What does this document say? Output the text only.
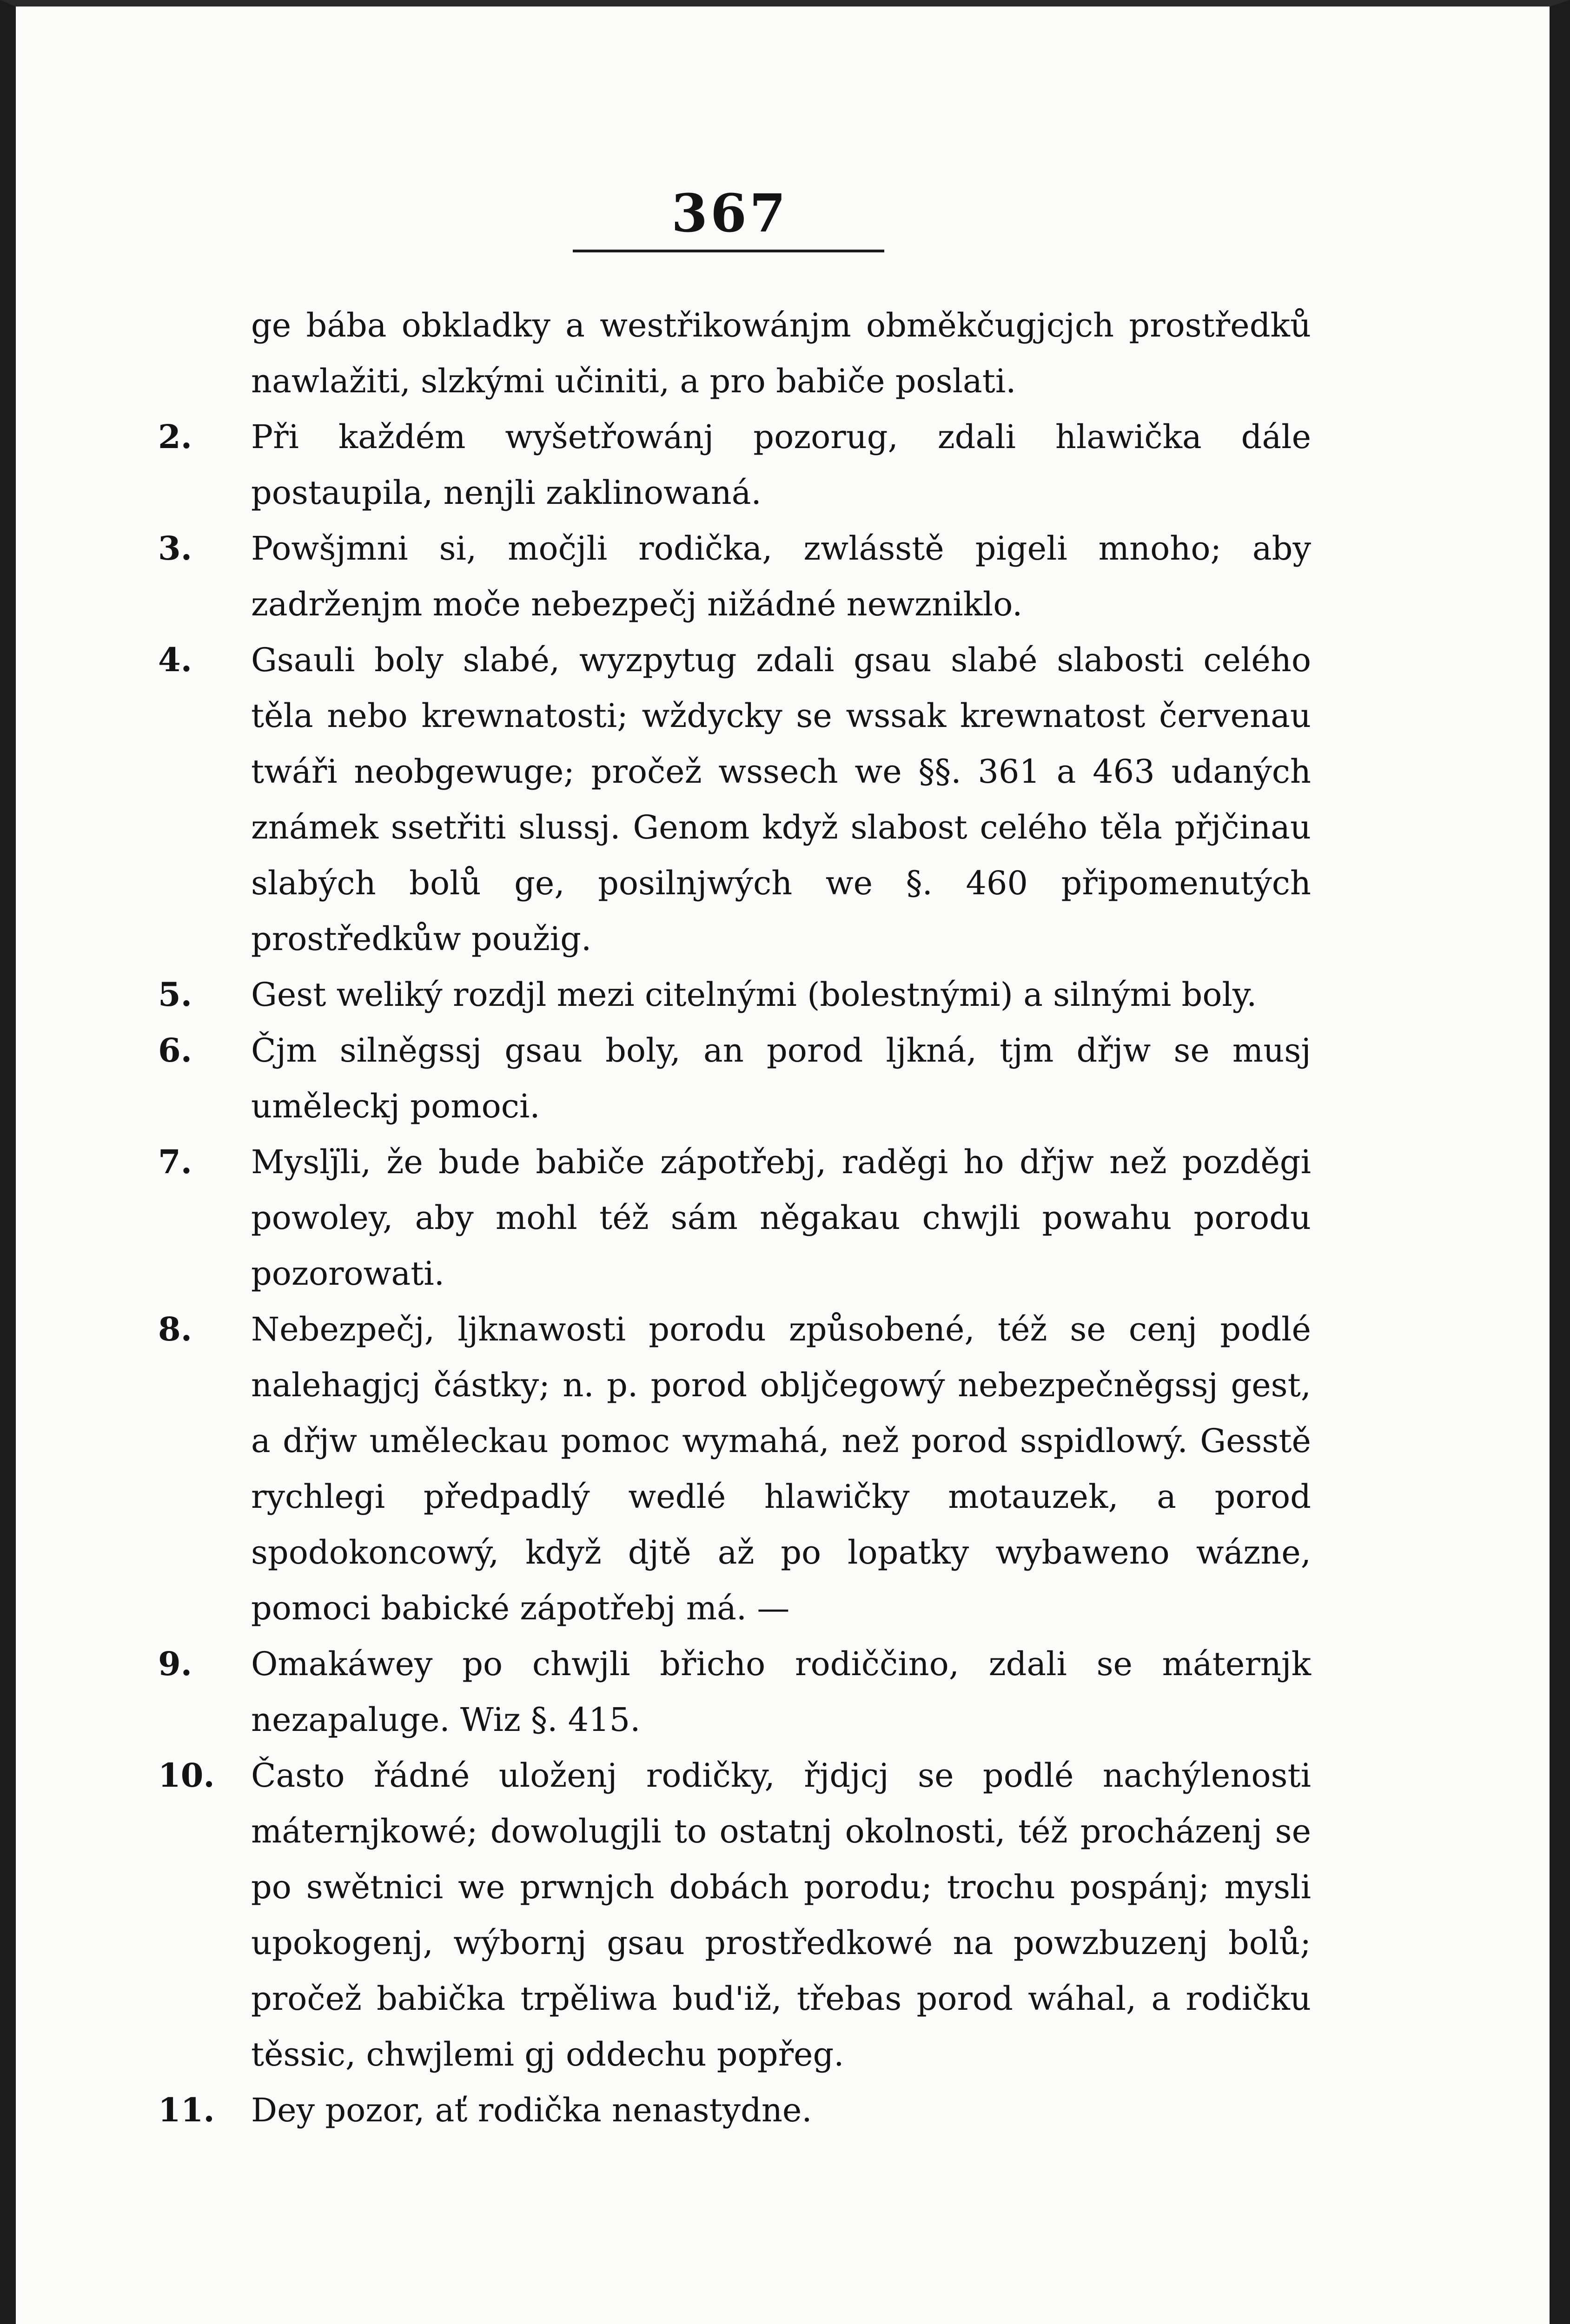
367
ge bába obkladky a westřikowánjm obměkčugjcjch prostředků nawlažiti, slzkými učiniti, a pro babiče poslati.
2.	Při každém wyšetřowánj pozorug, zdali hlawička dále postaupila, nenjli zaklinowaná.
3.	Powšjmni si, močjli rodička, zwlásstě pigeli mnoho; aby zadrženjm moče nebezpečj nižádné newzniklo.
4.	Gsauli boly slabé, wyzpytug zdali gsau slabé slabosti celého těla nebo krewnatosti; wždycky se wssak krewnatost červenau twáři neobgewuge; pročež wssech we §§. 361 a 463 udaných známek ssetřiti slussj. Genom když slabost celého těla přjčinau slabých bolů ge, posilnjwých we §. 460 připomenutých prostředkůw použig.
5.	Gest weliký rozdjl mezi citelnými (bolestnými) a silnými boly.
6.	Čjm silněgssj gsau boly, an porod ljkná, tjm dřjw se musj uměleckj pomoci.
7.	Myslj̈li, že bude babiče zápotřebj, raděgi ho dřjw než pozděgi powoley, aby mohl též sám něgakau chwjli powahu porodu pozorowati.
8.	Nebezpečj, ljknawosti porodu způsobené, též se cenj podlé nalehagjcj částky; n. p. porod obljčegowý nebezpečněgssj gest, a dřjw uměleckau pomoc wymahá, než porod sspidlowý. Gesstě rychlegi předpadlý wedlé hlawičky motauzek, a porod spodokoncowý, když djtě až po lopatky wybaweno wázne, pomoci babické zápotřebj má. —
9.	Omakáwey po chwjli břicho rodiččino, zdali se máternjk nezapaluge. Wiz §. 415.
10. Často řádné uloženj rodičky, řjdjcj se podlé nachýlenosti máternjkowé; dowolugjli to ostatnj okolnosti, též procházenj se po swětnici we prwnjch dobách porodu; trochu pospánj; mysli upokogenj, wýbornj gsau prostředkowé na powzbuzenj bolů; pročež babička trpěliwa bud'iž, třebas porod wáhal, a rodičku těssic, chwjlemi gj oddechu popřeg.
11. Dey pozor, ať rodička nenastydne.
